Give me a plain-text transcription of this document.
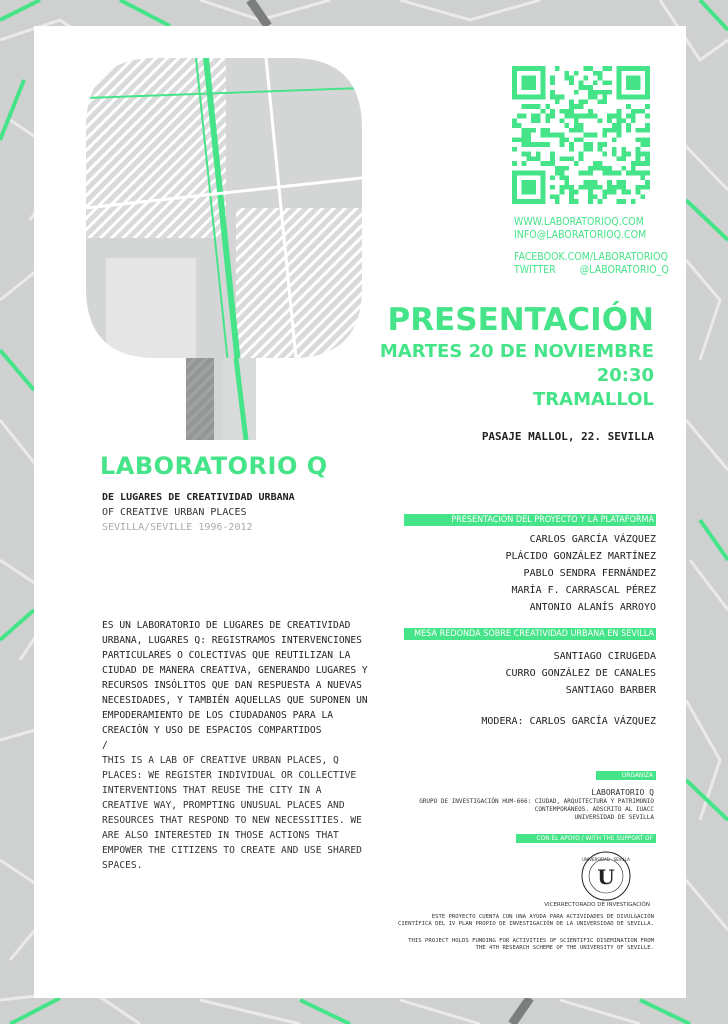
WWW.LABORATORIOQ.COM
INFO@LABORATORIOQ.COM
FACEBOOK.COM/LABORATORIOQ
TWITTER @LABORATORIO_Q
PRESENTACIÓN
MARTES 20 DE NOVIEMBRE
20:30
TRAMALLOL
PASAJE MALLOL, 22. SEVILLA
LABORATORIO Q
DE LUGARES DE CREATIVIDAD URBANA
OF CREATIVE URBAN PLACES
SEVILLA/SEVILLE 1996-2012
ES UN LABORATORIO DE LUGARES DE CREATIVIDAD URBANA, LUGARES Q: REGISTRAMOS INTERVENCIONES PARTICULARES O COLECTIVAS QUE REUTILIZAN LA CIUDAD DE MANERA CREATIVA, GENERANDO LUGARES Y RECURSOS INSÓLITOS QUE DAN RESPUESTA A NUEVAS NECESIDADES, Y TAMBIÉN AQUELLAS QUE SUPONEN UN EMPODERAMIENTO DE LOS CIUDADANOS PARA LA CREACIÓN Y USO DE ESPACIOS COMPARTIDOS
/
THIS IS A LAB OF CREATIVE URBAN PLACES, Q PLACES: WE REGISTER INDIVIDUAL OR COLLECTIVE INTERVENTIONS THAT REUSE THE CITY IN A CREATIVE WAY, PROMPTING UNUSUAL PLACES AND RESOURCES THAT RESPOND TO NEW NECESSITIES. WE ARE ALSO INTERESTED IN THOSE ACTIONS THAT EMPOWER THE CITIZENS TO CREATE AND USE SHARED SPACES.
PRESENTACIÓN DEL PROYECTO Y LA PLATAFORMA
CARLOS GARCÍA VÁZQUEZ
PLÁCIDO GONZÁLEZ MARTÍNEZ
PABLO SENDRA FERNÁNDEZ
MARÍA F. CARRASCAL PÉREZ
ANTONIO ALANÍS ARROYO
MESA REDONDA SOBRE CREATIVIDAD URBANA EN SEVILLA
SANTIAGO CIRUGEDA
CURRO GONZÁLEZ DE CANALES
SANTIAGO BARBER
MODERA: CARLOS GARCÍA VÁZQUEZ
ORGANIZA
LABORATORIO Q
GRUPO DE INVESTIGACIÓN HUM-666: CIUDAD, ARQUITECTURA Y PATRIMONIO
CONTEMPORÁNEOS. ADSCRITO AL IUACC
UNIVERSIDAD DE SEVILLA
CON EL APOYO / WITH THE SUPPORT OF
U
UNIVERSIDAD · SEVILLA
VICERRECTORADO DE INVESTIGACIÓN
ESTE PROYECTO CUENTA CON UNA AYUDA PARA ACTIVIDADES DE DIVULGACIÓN
CIENTÍFICA DEL IV PLAN PROPIO DE INVESTIGACIÓN DE LA UNIVERSIDAD DE SEVILLA.
THIS PROJECT HOLDS FUNDING FOR ACTIVITIES OF SCIENTIFIC DISEMINATION FROM
THE 4TH RESEARCH SCHEME OF THE UNIVERSITY OF SEVILLE.
